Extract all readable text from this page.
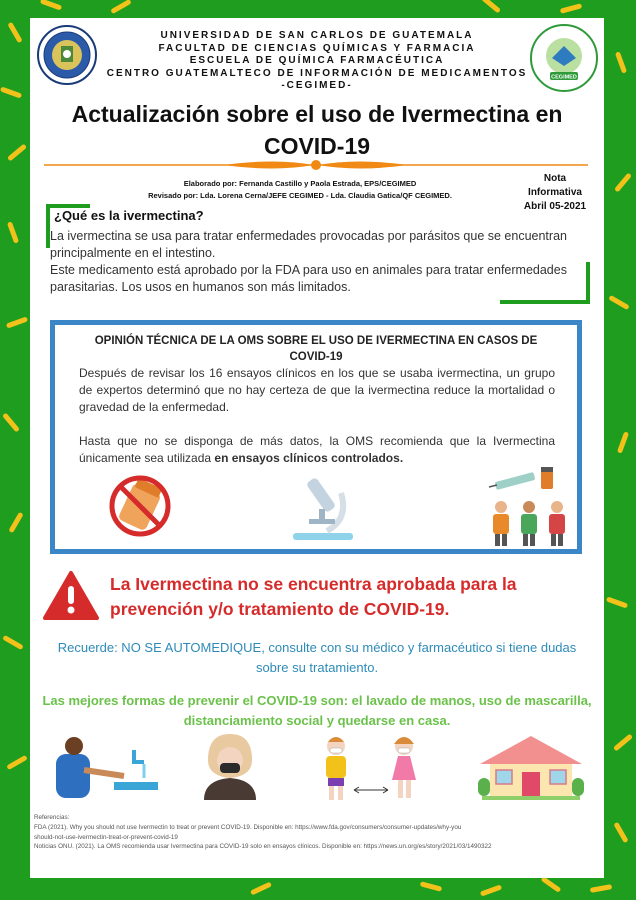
CEGIMED
UNIVERSIDAD DE SAN CARLOS DE GUATEMALA
FACULTAD DE CIENCIAS QUÍMICAS Y FARMACIA
ESCUELA DE QUÍMICA FARMACÉUTICA
CENTRO GUATEMALTECO DE INFORMACIÓN DE MEDICAMENTOS
-CEGIMED-
Actualización sobre el uso de Ivermectina en
COVID-19
Elaborado por: Fernanda Castillo y Paola Estrada, EPS/CEGIMED
Revisado por: Lda. Lorena Cerna/JEFE CEGIMED - Lda. Claudia Gatica/QF CEGIMED.
Nota
Informativa
Abril 05-2021
¿Qué es la ivermectina?
La ivermectina se usa para tratar enfermedades provocadas por parásitos que se encuentran principalmente en el intestino.
Este medicamento está aprobado por la FDA para uso en animales para tratar enfermedades parasitarias. Los usos en humanos son más limitados.
OPINIÓN TÉCNICA DE LA OMS SOBRE EL USO DE IVERMECTINA EN CASOS DE COVID-19
Después de revisar los 16 ensayos clínicos en los que se usaba ivermectina, un grupo de expertos determinó que no hay certeza de que la ivermectina reduce la mortalidad o gravedad de la enfermedad.
Hasta que no se disponga de más datos, la OMS recomienda que la Ivermectina únicamente sea utilizada en ensayos clínicos controlados.
La Ivermectina no se encuentra aprobada para la prevención y/o tratamiento de COVID-19.
Recuerde: NO SE AUTOMEDIQUE, consulte con su médico y farmacéutico si tiene dudas sobre su tratamiento.
Las mejores formas de prevenir el COVID-19 son: el lavado de manos, uso de mascarilla, distanciamiento social y quedarse en casa.
Referencias:
FDA (2021). Why you should not use Ivermectin to treat or prevent COVID-19. Disponible en: https://www.fda.gov/consumers/consumer-updates/why-you
should-not-use-ivermectin-treat-or-prevent-covid-19
Noticias ONU. (2021). La OMS recomienda usar Ivermectina para COVID-19 solo en ensayos clínicos. Disponible en: https://news.un.org/es/story/2021/03/1490322
